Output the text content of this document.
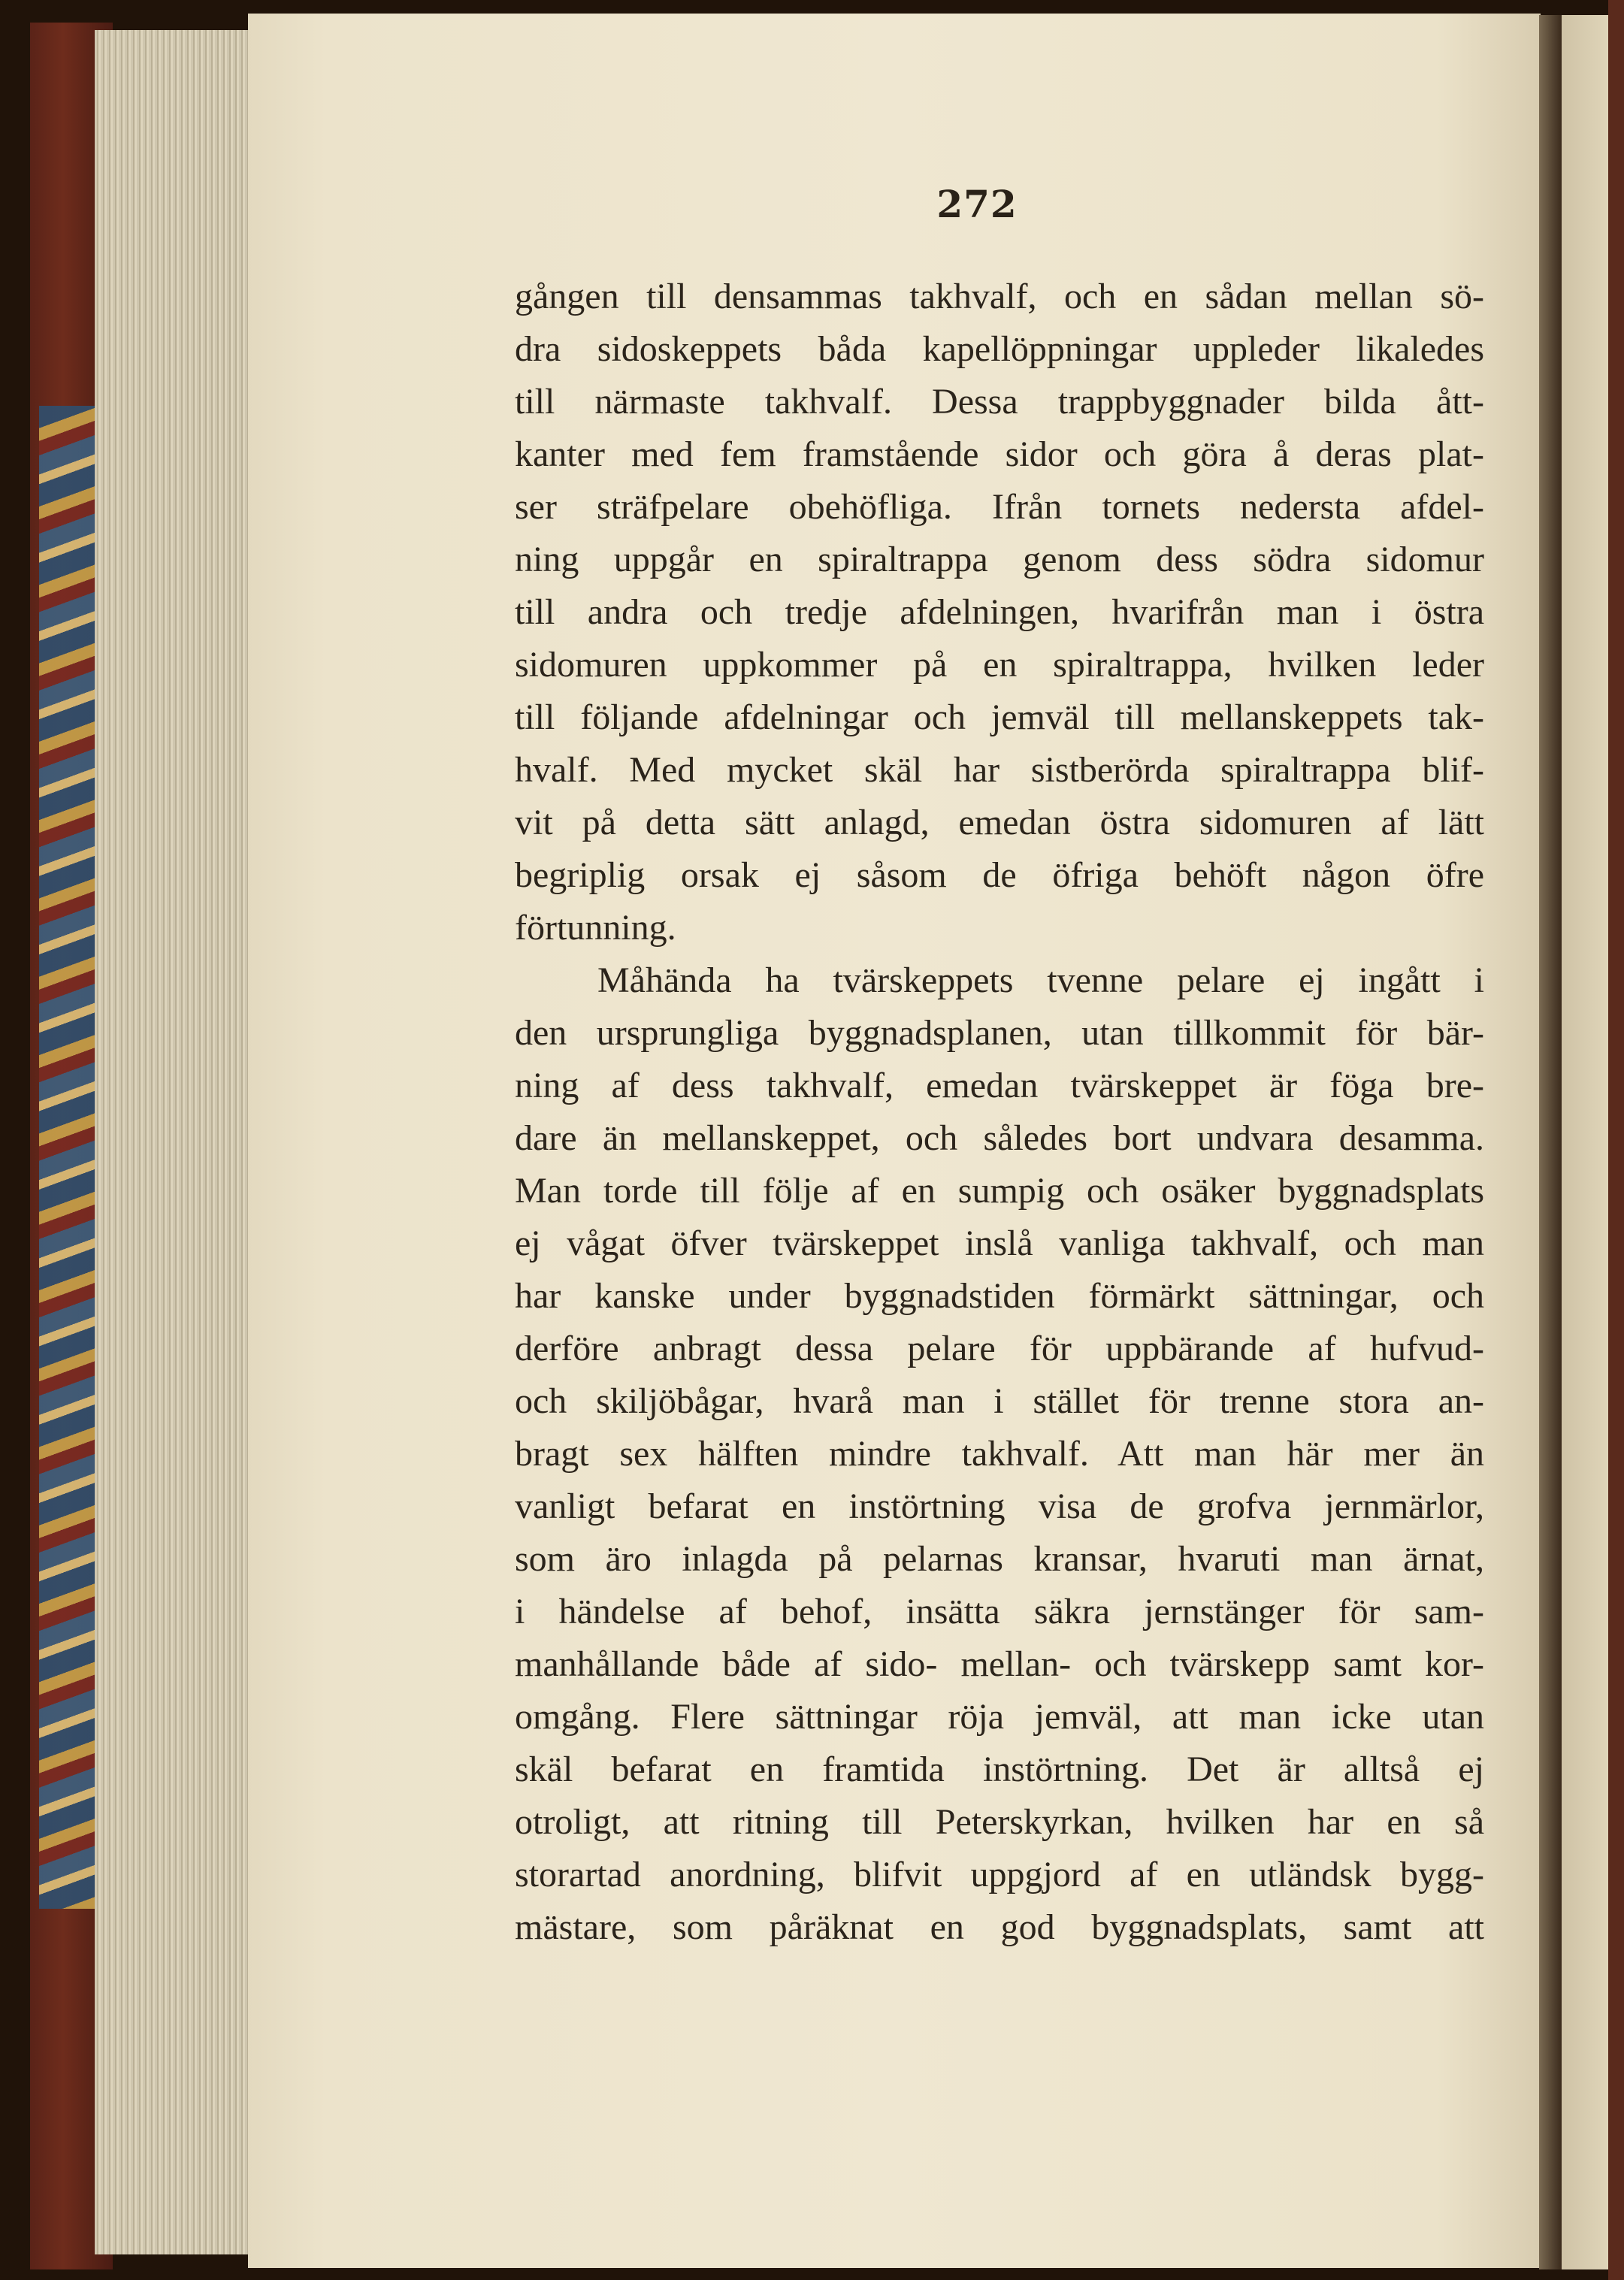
272
gången till densammas takhvalf, och en sådan mellan sö-
dra sidoskeppets båda kapellöppningar uppleder likaledes
till närmaste takhvalf. Dessa trappbyggnader bilda ått-
kanter med fem framstående sidor och göra å deras plat-
ser sträfpelare obehöfliga. Ifrån tornets nedersta afdel-
ning uppgår en spiraltrappa genom dess södra sidomur
till andra och tredje afdelningen, hvarifrån man i östra
sidomuren uppkommer på en spiraltrappa, hvilken leder
till följande afdelningar och jemväl till mellanskeppets tak-
hvalf. Med mycket skäl har sistberörda spiraltrappa blif-
vit på detta sätt anlagd, emedan östra sidomuren af lätt
begriplig orsak ej såsom de öfriga behöft någon öfre
förtunning.
Måhända ha tvärskeppets tvenne pelare ej ingått i
den ursprungliga byggnadsplanen, utan tillkommit för bär-
ning af dess takhvalf, emedan tvärskeppet är föga bre-
dare än mellanskeppet, och således bort undvara desamma.
Man torde till följe af en sumpig och osäker byggnadsplats
ej vågat öfver tvärskeppet inslå vanliga takhvalf, och man
har kanske under byggnadstiden förmärkt sättningar, och
derföre anbragt dessa pelare för uppbärande af hufvud-
och skiljöbågar, hvarå man i stället för trenne stora an-
bragt sex hälften mindre takhvalf. Att man här mer än
vanligt befarat en instörtning visa de grofva jernmärlor,
som äro inlagda på pelarnas kransar, hvaruti man ärnat,
i händelse af behof, insätta säkra jernstänger för sam-
manhållande både af sido- mellan- och tvärskepp samt kor-
omgång. Flere sättningar röja jemväl, att man icke utan
skäl befarat en framtida instörtning. Det är alltså ej
otroligt, att ritning till Peterskyrkan, hvilken har en så
storartad anordning, blifvit uppgjord af en utländsk bygg-
mästare, som påräknat en god byggnadsplats, samt att
